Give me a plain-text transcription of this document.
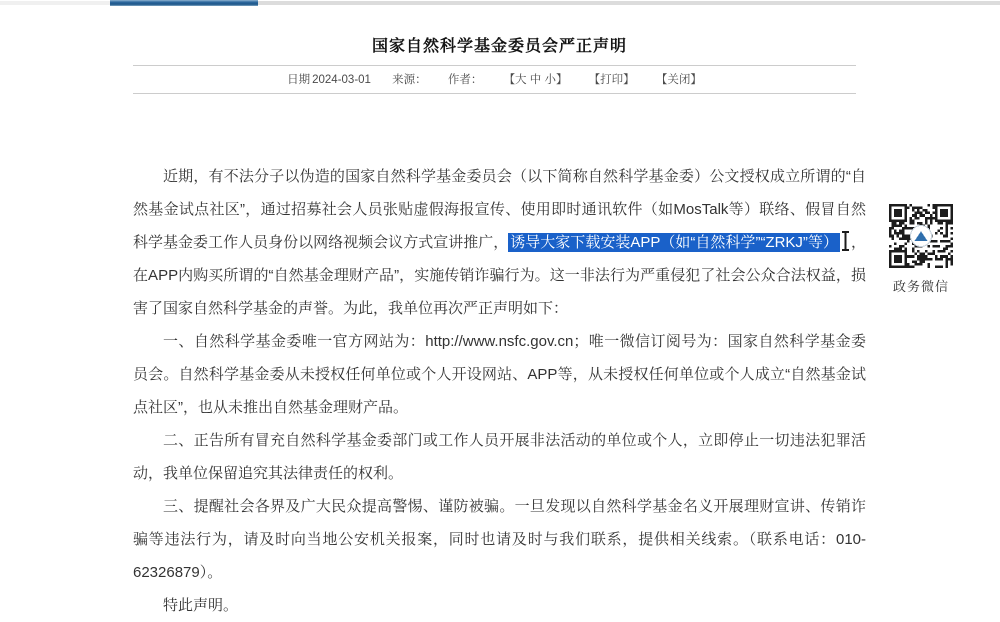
国家自然科学基金委员会严正声明
日期 2024-03-01 来源： 作者： 【大 中 小】 【打印】 【关闭】

近期，有不法分子以伪造的国家自然科学基金委员会（以下简称自然科学基金委）公文授权成立所谓的“自然基金试点社区”，通过招募社会人员张贴虚假海报宣传、使用即时通讯软件（如MosTalk等）联络、假冒自然科学基金委工作人员身份以网络视频会议方式宣讲推广， 诱导大家下载安装APP（如“自然科学”“ZRKJ”等） ，在APP内购买所谓的“自然基金理财产品”，实施传销诈骗行为。这一非法行为严重侵犯了社会公众合法权益，损害了国家自然科学基金的声誉。为此，我单位再次严正声明如下：

一、自然科学基金委唯一官方网站为：http://www.nsfc.gov.cn；唯一微信订阅号为：国家自然科学基金委员会。自然科学基金委从未授权任何单位或个人开设网站、APP等，从未授权任何单位或个人成立“自然基金试点社区”，也从未推出自然基金理财产品。

二、正告所有冒充自然科学基金委部门或工作人员开展非法活动的单位或个人，立即停止一切违法犯罪活动，我单位保留追究其法律责任的权利。

三、提醒社会各界及广大民众提高警惕、谨防被骗。一旦发现以自然科学基金名义开展理财宣讲、传销诈骗等违法行为，请及时向当地公安机关报案，同时也请及时与我们联系，提供相关线索。（联系电话：010-62326879）。

特此声明。

政务微信
